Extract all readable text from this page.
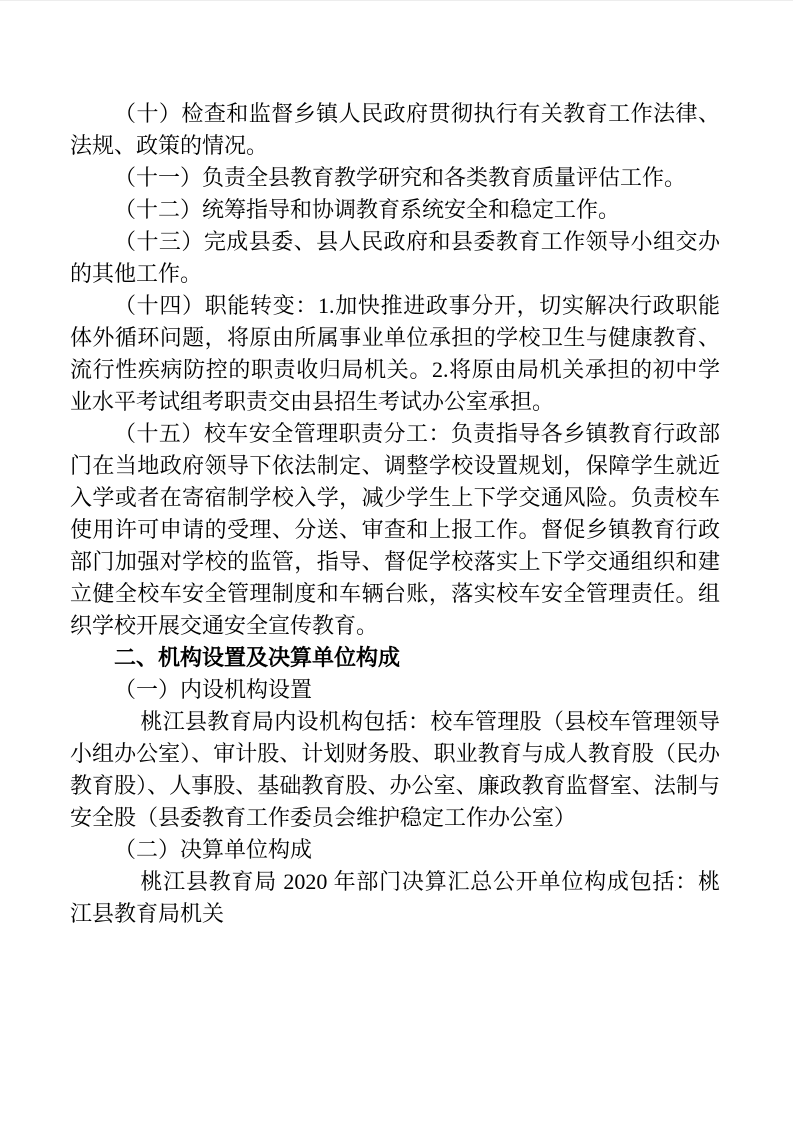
（十）检查和监督乡镇人民政府贯彻执行有关教育工作法律、法规、政策的情况。

（十一）负责全县教育教学研究和各类教育质量评估工作。

（十二）统筹指导和协调教育系统安全和稳定工作。

（十三）完成县委、县人民政府和县委教育工作领导小组交办的其他工作。

（十四）职能转变：1.加快推进政事分开，切实解决行政职能体外循环问题，将原由所属事业单位承担的学校卫生与健康教育、流行性疾病防控的职责收归局机关。2.将原由局机关承担的初中学业水平考试组考职责交由县招生考试办公室承担。

（十五）校车安全管理职责分工：负责指导各乡镇教育行政部门在当地政府领导下依法制定、调整学校设置规划，保障学生就近入学或者在寄宿制学校入学，减少学生上下学交通风险。负责校车使用许可申请的受理、分送、审查和上报工作。督促乡镇教育行政部门加强对学校的监管，指导、督促学校落实上下学交通组织和建立健全校车安全管理制度和车辆台账，落实校车安全管理责任。组织学校开展交通安全宣传教育。

二、机构设置及决算单位构成

（一）内设机构设置

桃江县教育局内设机构包括：校车管理股（县校车管理领导小组办公室）、审计股、计划财务股、职业教育与成人教育股（民办教育股）、人事股、基础教育股、办公室、廉政教育监督室、法制与安全股（县委教育工作委员会维护稳定工作办公室）

（二）决算单位构成

桃江县教育局 2020 年部门决算汇总公开单位构成包括：桃江县教育局机关
